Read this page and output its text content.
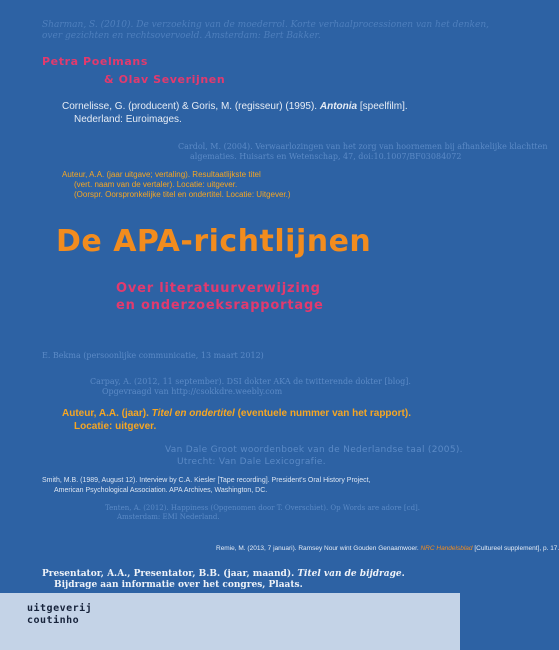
Sharman, S. (2010). De verzoeking van de moederrol. Korte verhaalprocessionen van het denken,
over gezichten en rechtsovervoeld. Amsterdam: Bert Bakker.
Petra Poelmans
& Olav Severijnen
Cornelisse, G. (producent) & Goris, M. (regisseur) (1995). Antonia [speelfilm].
Nederland: Euroimages.
Cardol, M. (2004). Verwaarlozingen van het zorg van hoornemen bij afhankelijke klachtten
algematies. Huisarts en Wetenschap, 47, doi:10.1007/BF03084072
Auteur, A.A. (jaar uitgave; vertaling). Resultaatlijkste titel
(vert. naam van de vertaler). Locatie: uitgever.
(Oorspr. Oorspronkelijke titel en ondertitel. Locatie: Uitgever.)
De APA-richtlijnen
Over literatuurverwijzing
en onderzoeksrapportage
E. Bekma (persoonlijke communicatie, 13 maart 2012)
Carpay, A. (2012, 11 september). DSI dokter AKA de twitterende dokter [blog].
Opgevraagd van http://csokkdre.weebly.com
Auteur, A.A. (jaar). Titel en ondertitel (eventuele nummer van het rapport).
Locatie: uitgever.
Van Dale Groot woordenboek van de Nederlandse taal (2005).
Utrecht: Van Dale Lexicografie.
Smith, M.B. (1989, August 12). Interview by C.A. Kiesler [Tape recording]. President's Oral History Project,
American Psychological Association. APA Archives, Washington, DC.
Tenten, A. (2012). Happiness (Opgenomen door T. Overschiet). Op Words are adore [cd].
Amsterdam: EMI Nederland.
Remie, M. (2013, 7 januari). Ramsey Nour wint Gouden Genaamwoer. NRC Handelsblad [Cultureel supplement], p. 17.
Presentator, A.A., Presentator, B.B. (jaar, maand). Titel van de bijdrage.
Bijdrage aan informatie over het congres, Plaats.
uitgeverij
coutinho
